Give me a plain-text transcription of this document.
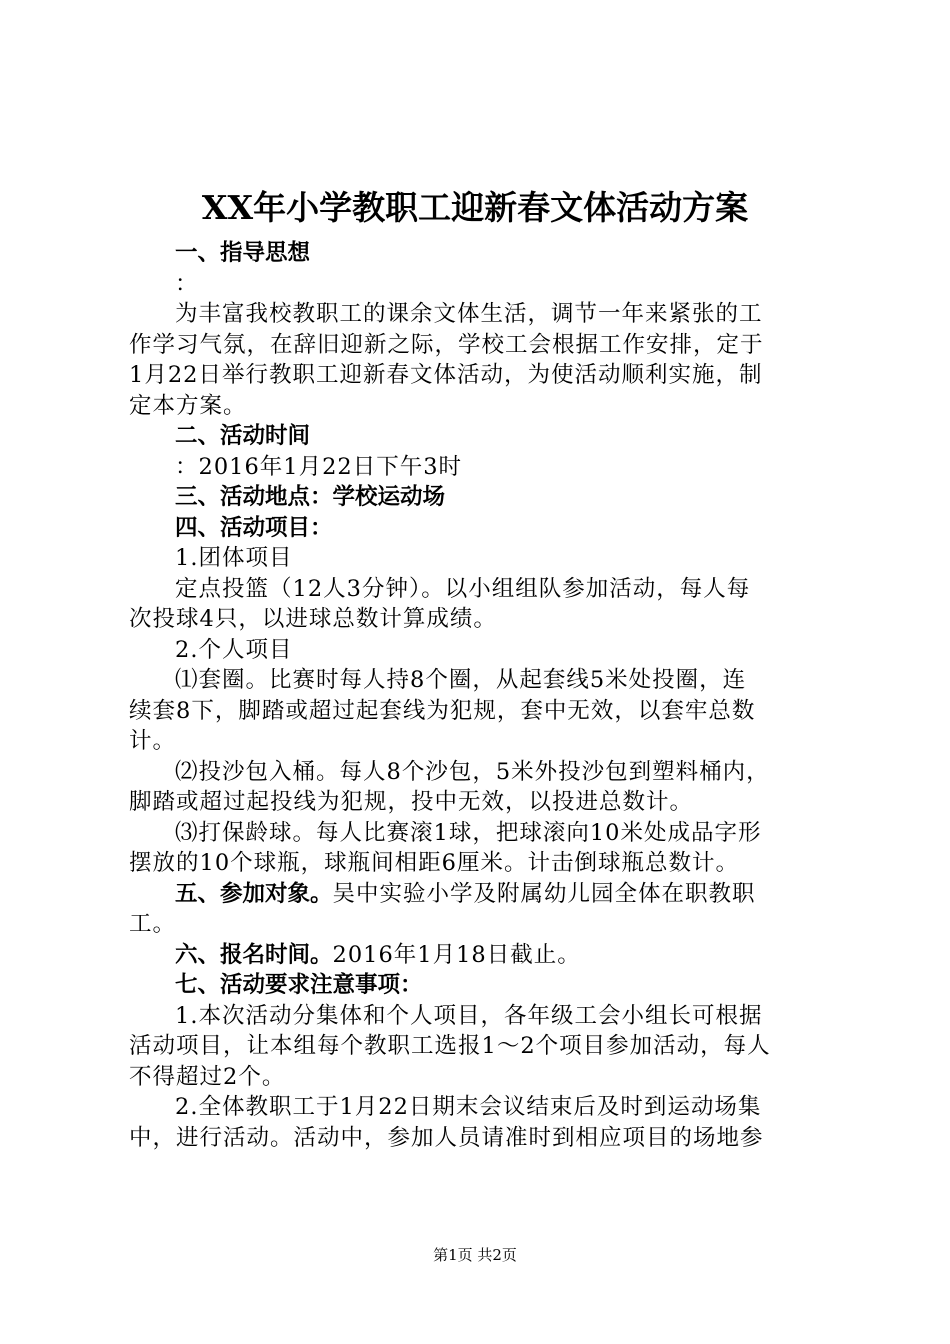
XX年小学教职工迎新春文体活动方案

一、指导思想

：

为丰富我校教职工的课余文体生活，调节一年来紧张的工

作学习气氛，在辞旧迎新之际，学校工会根据工作安排，定于

1月22日举行教职工迎新春文体活动，为使活动顺利实施，制

定本方案。

二、活动时间

：2016年1月22日下午3时

三、活动地点：学校运动场

四、活动项目：

1.团体项目

定点投篮（12人3分钟）。以小组组队参加活动，每人每

次投球4只，以进球总数计算成绩。

2.个人项目

⑴套圈。比赛时每人持8个圈，从起套线5米处投圈，连

续套8下，脚踏或超过起套线为犯规，套中无效，以套牢总数

计。

⑵投沙包入桶。每人8个沙包，5米外投沙包到塑料桶内，

脚踏或超过起投线为犯规，投中无效，以投进总数计。

⑶打保龄球。每人比赛滚1球，把球滚向10米处成品字形

摆放的10个球瓶，球瓶间相距6厘米。计击倒球瓶总数计。

五、参加对象。吴中实验小学及附属幼儿园全体在职教职

工。

六、报名时间。2016年1月18日截止。

七、活动要求注意事项：

1.本次活动分集体和个人项目，各年级工会小组长可根据

活动项目，让本组每个教职工选报1～2个项目参加活动，每人

不得超过2个。

2.全体教职工于1月22日期末会议结束后及时到运动场集

中，进行活动。活动中，参加人员请准时到相应项目的场地参

第1页 共2页
